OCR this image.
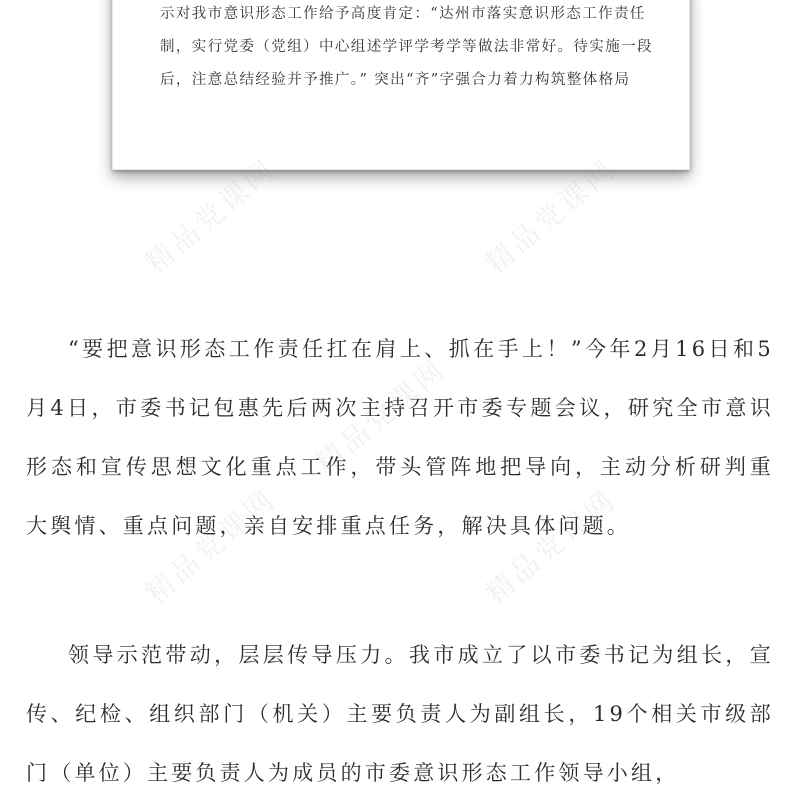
示对我市意识形态工作给予高度肯定：“达州市落实意识形态工作责任制，实行党委（党组）中心组述学评学考学等做法非常好。待实施一段后，注意总结经验并予推广。” 突出“齐”字强合力着力构筑整体格局

精品党课网	精品党课网
精品党课网
精品党课网	精品党课网

“要把意识形态工作责任扛在肩上、抓在手上！”今年2月16日和5月4日，市委书记包惠先后两次主持召开市委专题会议，研究全市意识形态和宣传思想文化重点工作，带头管阵地把导向，主动分析研判重大舆情、重点问题，亲自安排重点任务，解决具体问题。

领导示范带动，层层传导压力。我市成立了以市委书记为组长，宣传、纪检、组织部门（机关）主要负责人为副组长，19个相关市级部门（单位）主要负责人为成员的市委意识形态工作领导小组，
